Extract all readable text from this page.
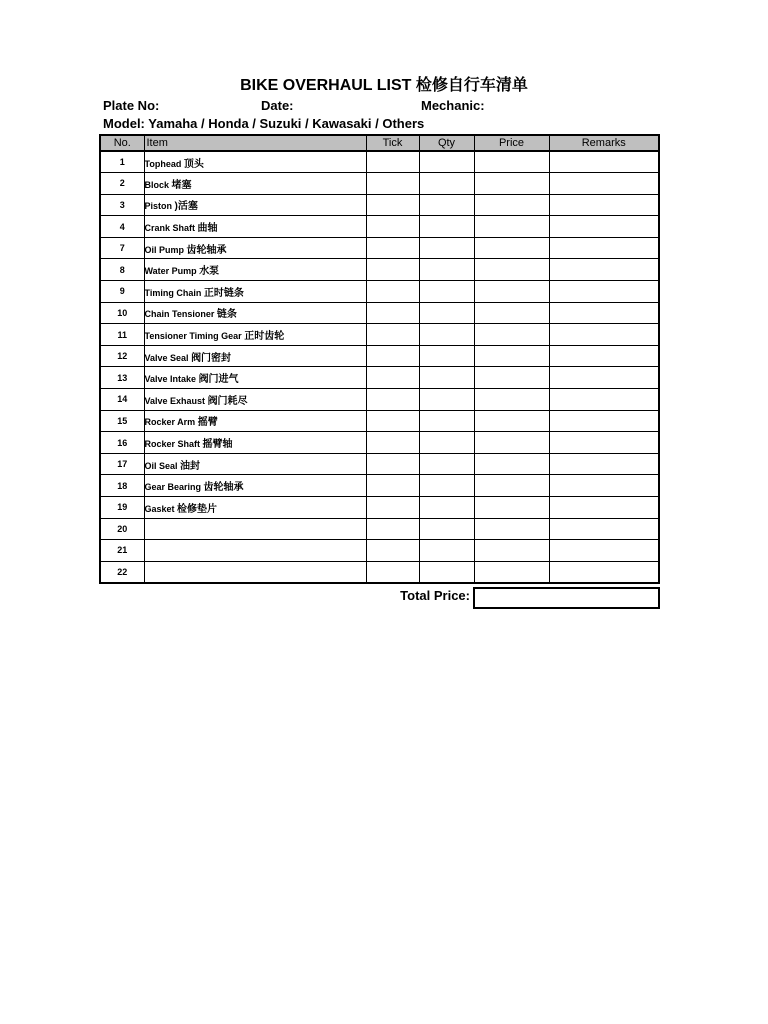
BIKE OVERHAUL LIST 检修自行车清单
Plate No:	Date:	Mechanic:
Model: Yamaha / Honda / Suzuki / Kawasaki / Others
No.	Item	Tick	Qty	Price	Remarks
1	Tophead 顶头				
2	Block 堵塞				
3	Piston )活塞				
4	Crank Shaft 曲轴				
7	Oil Pump 齿轮轴承				
8	Water Pump 水泵				
9	Timing Chain 正时链条				
10	Chain Tensioner 链条				
11	Tensioner Timing Gear 正时齿轮				
12	Valve Seal 阀门密封				
13	Valve Intake 阀门进气				
14	Valve Exhaust 阀门耗尽				
15	Rocker Arm 摇臂				
16	Rocker Shaft 摇臂轴				
17	Oil Seal 油封				
18	Gear Bearing 齿轮轴承				
19	Gasket 检修垫片				
20					
21					
22					
Total Price:
